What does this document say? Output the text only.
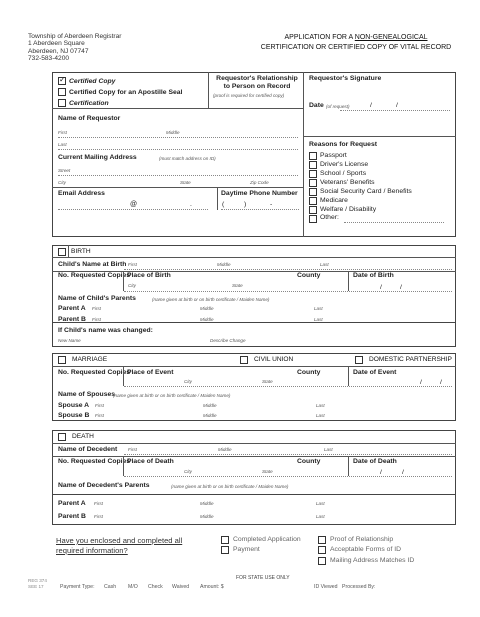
Township of Aberdeen Registrar
1 Aberdeen Square
Aberdeen, NJ 07747
732-583-4200
APPLICATION FOR A NON-GENEALOGICAL
CERTIFICATION OR CERTIFIED COPY OF VITAL RECORD
✓ Certified Copy
Certified Copy for an Apostille Seal
Certification
Requestor's Relationship to Person on Record
(proof is required for certified copy)
Requestor's Signature
Date (of request)	/	/
Name of Requestor
First	Middle
Last
Current Mailing Address	(must match address on ID)
Street
City	State	Zip Code
Email Address
@	.
Daytime Phone Number
(	)	-
Reasons for Request
Passport
Driver's License
School / Sports
Veterans' Benefits
Social Security Card / Benefits
Medicare
Welfare / Disability
Other:
BIRTH
Child's Name at Birth First	Middle	Last
No. Requested Copies
Place of Birth
City	State
County	Date of Birth
/	/
Name of Child's Parents	(name given at birth or on birth certificate / Maiden Name)
Parent A First	Middle	Last
Parent B First	Middle	Last
If Child's name was changed:
New Name	Describe Change
MARRIAGE	CIVIL UNION	DOMESTIC PARTNERSHIP
No. Requested Copies
Place of Event
City	State
County	Date of Event
/	/
Name of Spouses
(name given at birth or on birth certificate / Maiden Name)
Spouse A First	Middle	Last
Spouse B First	Middle	Last
DEATH
Name of Decedent First	Middle	Last
No. Requested Copies
Place of Death
City	State
County	Date of Death
/	/
Name of Decedent's Parents	(name given at birth or on birth certificate / Maiden Name)
Parent A First	Middle	Last
Parent B First	Middle	Last
Have you enclosed and completed all
required information?
Completed Application
Payment
Proof of Relationship
Acceptable Forms of ID
Mailing Address Matches ID
REG 374
SEE 17
FOR STATE USE ONLY
Payment Type: Cash M/O Check Waived Amount: $	ID Viewed Processed By:
